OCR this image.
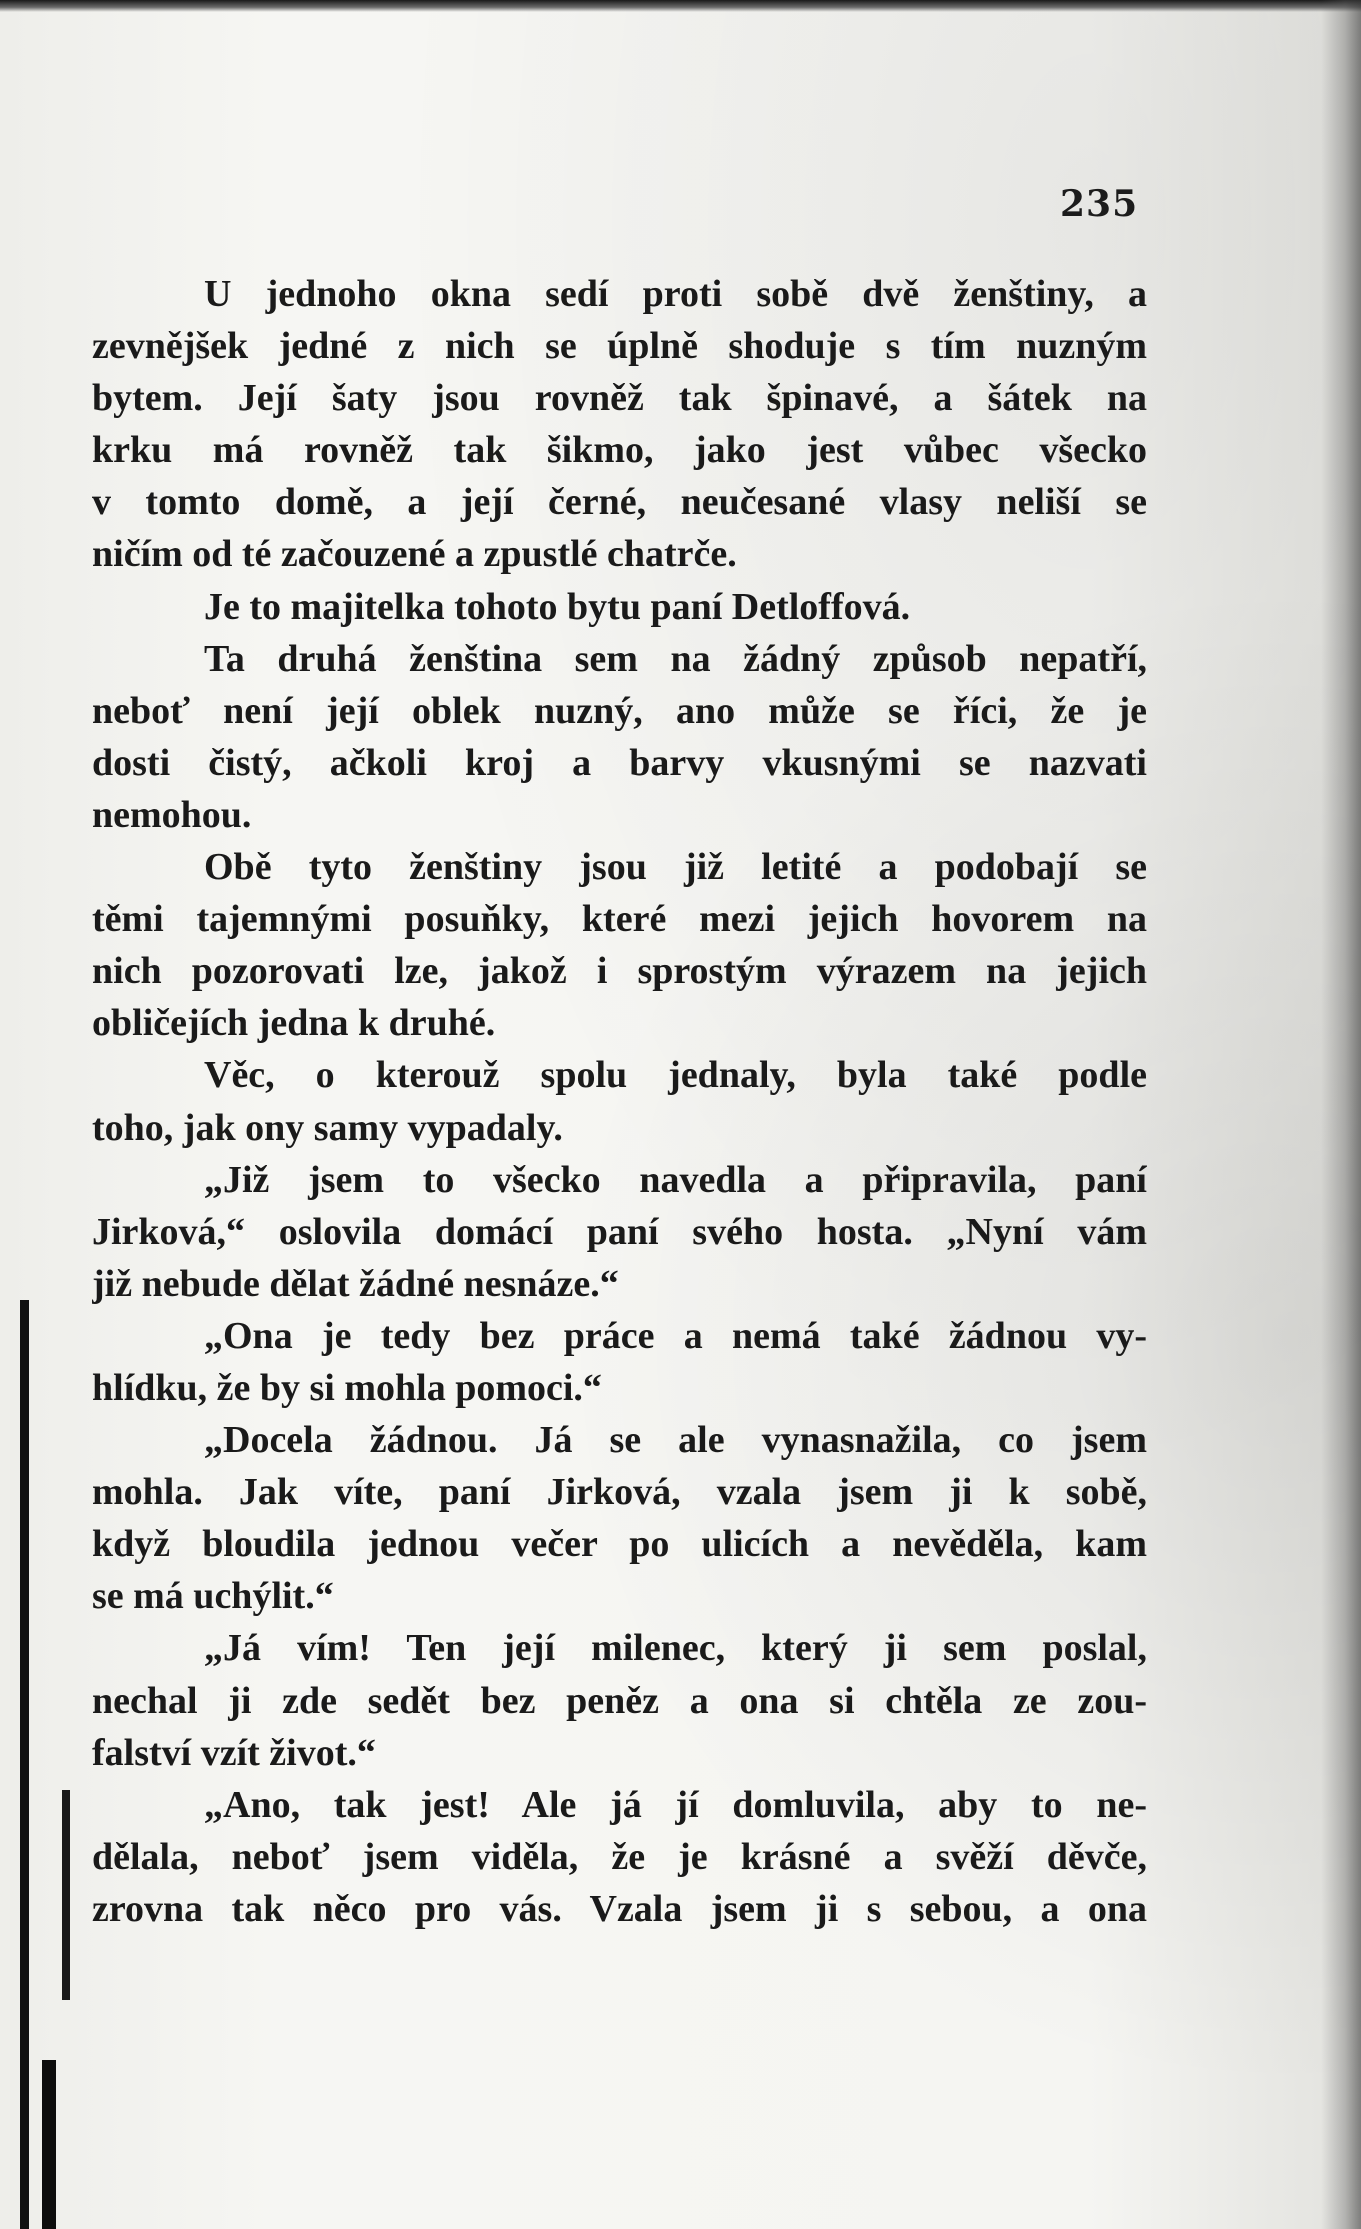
235
U jednoho okna sedí proti sobě dvě ženštiny, a
zevnějšek jedné z nich se úplně shoduje s tím nuzným
bytem. Její šaty jsou rovněž tak špinavé, a šátek na
krku má rovněž tak šikmo, jako jest vůbec všecko
v tomto domě, a její černé, neučesané vlasy neliší se
ničím od té začouzené a zpustlé chatrče.
Je to majitelka tohoto bytu paní Detloffová.
Ta druhá ženština sem na žádný způsob nepatří,
neboť není její oblek nuzný, ano může se říci, že je
dosti čistý, ačkoli kroj a barvy vkusnými se nazvati
nemohou.
Obě tyto ženštiny jsou již letité a podobají se
těmi tajemnými posuňky, které mezi jejich hovorem na
nich pozorovati lze, jakož i sprostým výrazem na jejich
obličejích jedna k druhé.
Věc, o kterouž spolu jednaly, byla také podle
toho, jak ony samy vypadaly.
„Již jsem to všecko navedla a připravila, paní
Jirková,“ oslovila domácí paní svého hosta. „Nyní vám
již nebude dělat žádné nesnáze.“
„Ona je tedy bez práce a nemá také žádnou vy-
hlídku, že by si mohla pomoci.“
„Docela žádnou. Já se ale vynasnažila, co jsem
mohla. Jak víte, paní Jirková, vzala jsem ji k sobě,
když bloudila jednou večer po ulicích a nevěděla, kam
se má uchýlit.“
„Já vím! Ten její milenec, který ji sem poslal,
nechal ji zde sedět bez peněz a ona si chtěla ze zou-
falství vzít život.“
„Ano, tak jest! Ale já jí domluvila, aby to ne-
dělala, neboť jsem viděla, že je krásné a svěží děvče,
zrovna tak něco pro vás. Vzala jsem ji s sebou, a ona
